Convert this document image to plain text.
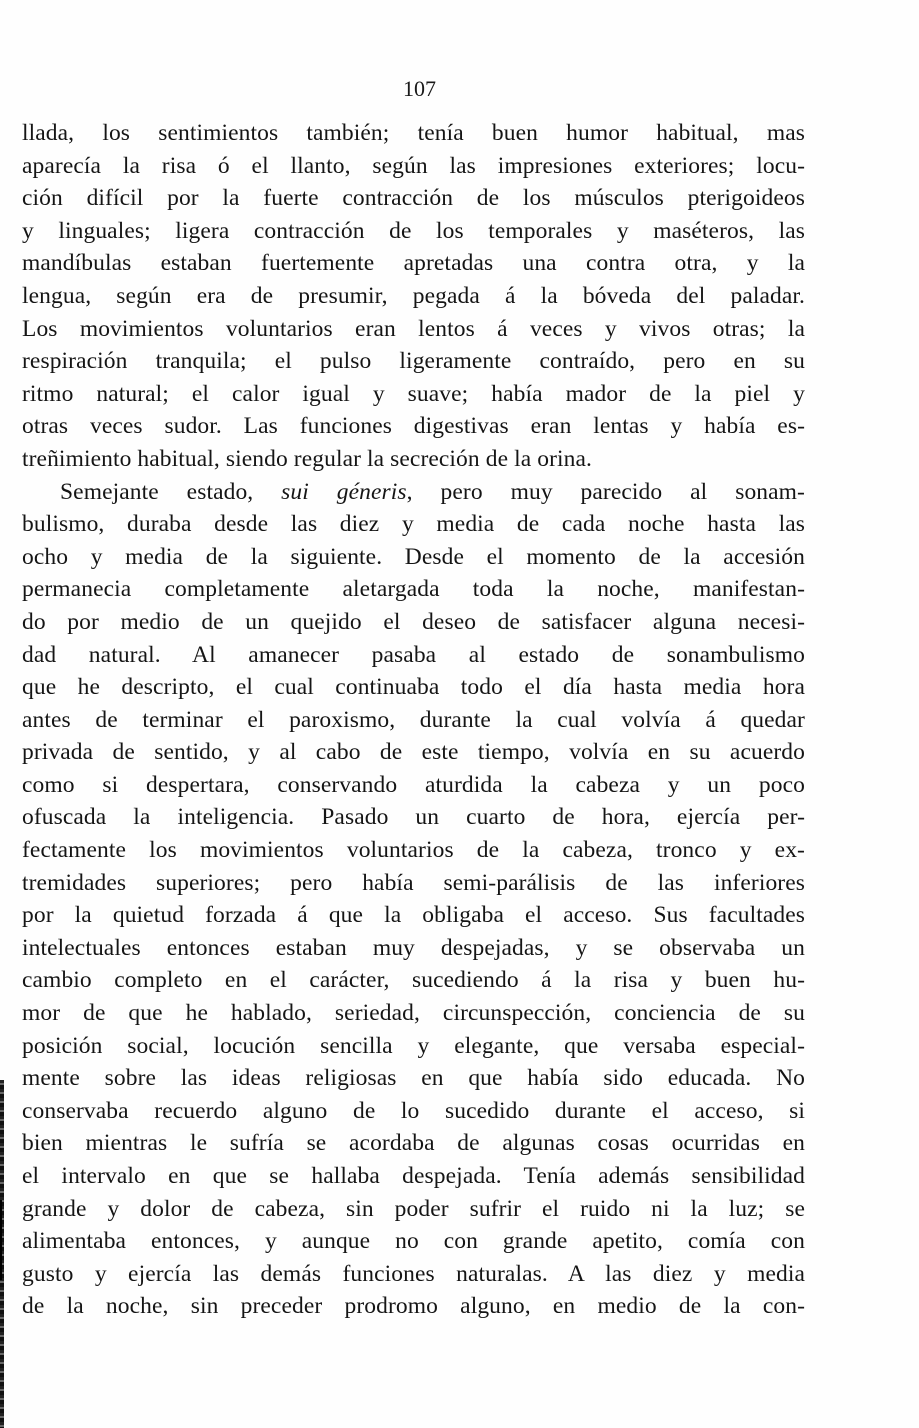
107
llada, los sentimientos también; tenía buen humor habitual, mas
aparecía la risa ó el llanto, según las impresiones exteriores; locu-
ción difícil por la fuerte contracción de los músculos pterigoideos
y linguales; ligera contracción de los temporales y maséteros, las
mandíbulas estaban fuertemente apretadas una contra otra, y la
lengua, según era de presumir, pegada á la bóveda del paladar.
Los movimientos voluntarios eran lentos á veces y vivos otras; la
respiración tranquila; el pulso ligeramente contraído, pero en su
ritmo natural; el calor igual y suave; había mador de la piel y
otras veces sudor. Las funciones digestivas eran lentas y había es-
treñimiento habitual, siendo regular la secreción de la orina.
Semejante estado, sui géneris, pero muy parecido al sonam-
bulismo, duraba desde las diez y media de cada noche hasta las
ocho y media de la siguiente. Desde el momento de la accesión
permanecia completamente aletargada toda la noche, manifestan-
do por medio de un quejido el deseo de satisfacer alguna necesi-
dad natural. Al amanecer pasaba al estado de sonambulismo
que he descripto, el cual continuaba todo el día hasta media hora
antes de terminar el paroxismo, durante la cual volvía á quedar
privada de sentido, y al cabo de este tiempo, volvía en su acuerdo
como si despertara, conservando aturdida la cabeza y un poco
ofuscada la inteligencia. Pasado un cuarto de hora, ejercía per-
fectamente los movimientos voluntarios de la cabeza, tronco y ex-
tremidades superiores; pero había semi-parálisis de las inferiores
por la quietud forzada á que la obligaba el acceso. Sus facultades
intelectuales entonces estaban muy despejadas, y se observaba un
cambio completo en el carácter, sucediendo á la risa y buen hu-
mor de que he hablado, seriedad, circunspección, conciencia de su
posición social, locución sencilla y elegante, que versaba especial-
mente sobre las ideas religiosas en que había sido educada. No
conservaba recuerdo alguno de lo sucedido durante el acceso, si
bien mientras le sufría se acordaba de algunas cosas ocurridas en
el intervalo en que se hallaba despejada. Tenía además sensibilidad
grande y dolor de cabeza, sin poder sufrir el ruido ni la luz; se
alimentaba entonces, y aunque no con grande apetito, comía con
gusto y ejercía las demás funciones naturalas. A las diez y media
de la noche, sin preceder prodromo alguno, en medio de la con-
